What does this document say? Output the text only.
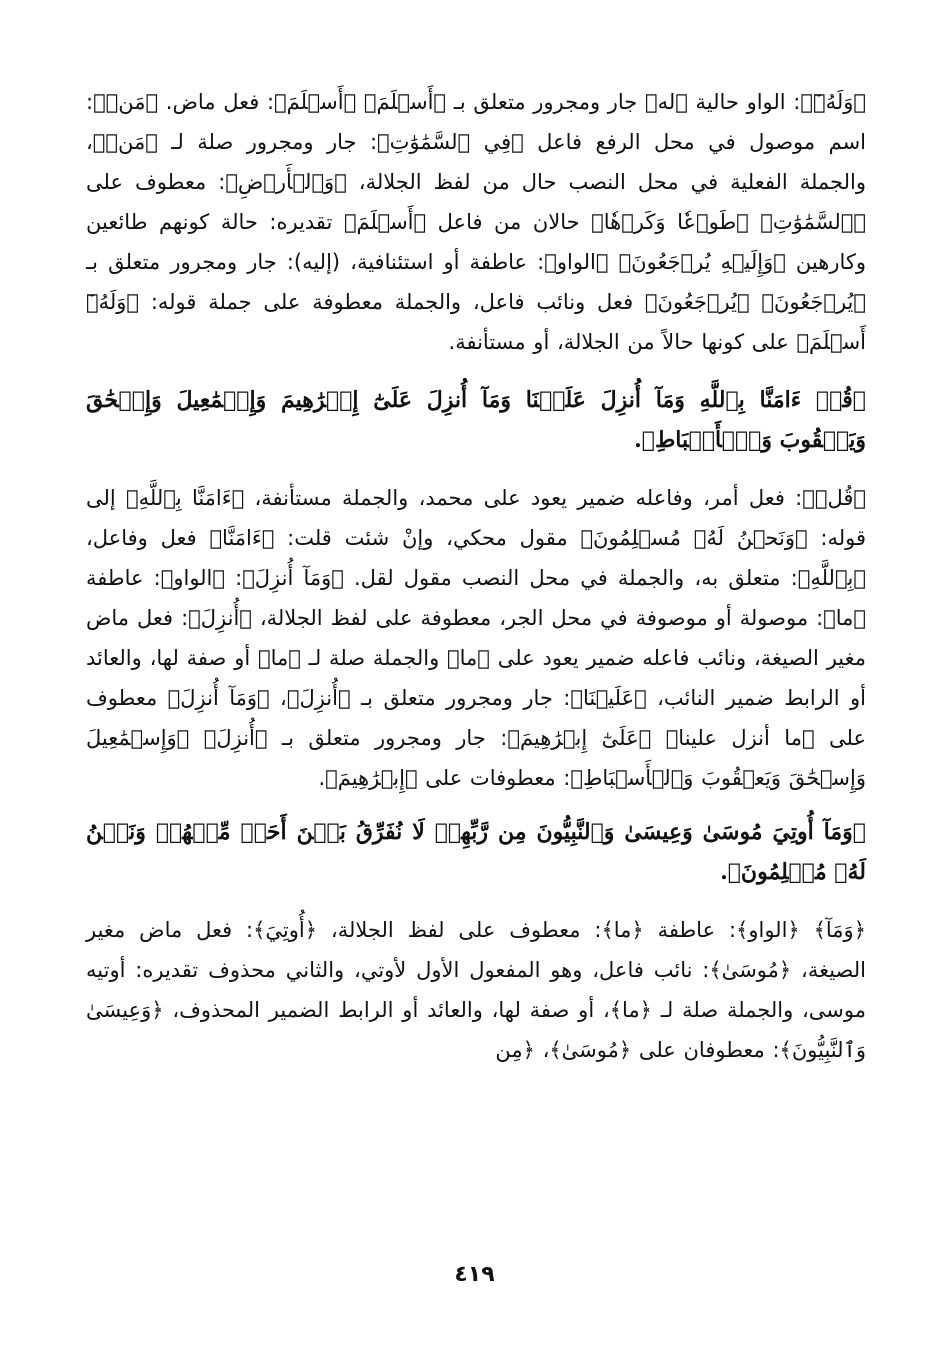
﴿وَلَهُۥٓ﴾: الواو حالية ﴿له﴾ جار ومجرور متعلق بـ ﴿أَسۡلَمَ﴾ ﴿أَسۡلَمَ﴾: فعل ماض. ﴿مَنۡ﴾: اسم موصول في محل الرفع فاعل ﴿فِي ٱلسَّمَٰوَٰتِ﴾: جار ومجرور صلة لـ ﴿مَنۡ﴾، والجملة الفعلية في محل النصب حال من لفظ الجلالة، ﴿وَٱلۡأَرۡضِ﴾: معطوف على ﴿ٱلسَّمَٰوَٰتِ﴾ ﴿طَوۡعٗا وَكَرۡهٗا﴾ حالان من فاعل ﴿أَسۡلَمَ﴾ تقديره: حالة كونهم طائعين وكارهين ﴿وَإِلَيۡهِ يُرۡجَعُونَ﴾ ﴿الواو﴾: عاطفة أو استئنافية، (إليه): جار ومجرور متعلق بـ ﴿يُرۡجَعُونَ﴾ ﴿يُرۡجَعُونَ﴾ فعل ونائب فاعل، والجملة معطوفة على جملة قوله: ﴿وَلَهُۥٓ أَسۡلَمَ﴾ على كونها حالاً من الجلالة، أو مستأنفة.

﴿قُلۡ ءَامَنَّا بِٱللَّهِ وَمَآ أُنزِلَ عَلَيۡنَا وَمَآ أُنزِلَ عَلَىٰٓ إِبۡرَٰهِيمَ وَإِسۡمَٰعِيلَ وَإِسۡحَٰقَ وَيَعۡقُوبَ وَٱلۡأَسۡبَاطِ﴾.

﴿قُلۡ﴾: فعل أمر، وفاعله ضمير يعود على محمد، والجملة مستأنفة، ﴿ءَامَنَّا بِٱللَّهِ﴾ إلى قوله: ﴿وَنَحۡنُ لَهُۥ مُسۡلِمُونَ﴾ مقول محكي، وإنْ شئت قلت: ﴿ءَامَنَّا﴾ فعل وفاعل، ﴿بِٱللَّهِ﴾: متعلق به، والجملة في محل النصب مقول لقل. ﴿وَمَآ أُنزِلَ﴾: ﴿الواو﴾: عاطفة ﴿ما﴾: موصولة أو موصوفة في محل الجر، معطوفة على لفظ الجلالة، ﴿أُنزِلَ﴾: فعل ماض مغير الصيغة، ونائب فاعله ضمير يعود على ﴿ما﴾ والجملة صلة لـ ﴿ما﴾ أو صفة لها، والعائد أو الرابط ضمير النائب، ﴿عَلَيۡنَا﴾: جار ومجرور متعلق بـ ﴿أُنزِلَ﴾، ﴿وَمَآ أُنزِلَ﴾ معطوف على ﴿ما أنزل علينا﴾ ﴿عَلَىٰٓ إِبۡرَٰهِيمَ﴾: جار ومجرور متعلق بـ ﴿أُنزِلَ﴾ ﴿وَإِسۡمَٰعِيلَ وَإِسۡحَٰقَ وَيَعۡقُوبَ وَٱلۡأَسۡبَاطِ﴾: معطوفات على ﴿إِبۡرَٰهِيمَ﴾.

﴿وَمَآ أُوتِيَ مُوسَىٰ وَعِيسَىٰ وَٱلنَّبِيُّونَ مِن رَّبِّهِمۡ لَا نُفَرِّقُ بَيۡنَ أَحَدٖ مِّنۡهُمۡ وَنَحۡنُ لَهُۥ مُسۡلِمُونَ﴾.

﴿وَمَآ﴾ ﴿الواو﴾: عاطفة ﴿ما﴾: معطوف على لفظ الجلالة، ﴿أُوتِيَ﴾: فعل ماض مغير الصيغة، ﴿مُوسَىٰ﴾: نائب فاعل، وهو المفعول الأول لأوتي، والثاني محذوف تقديره: أوتيه موسى، والجملة صلة لـ ﴿ما﴾، أو صفة لها، والعائد أو الرابط الضمير المحذوف، ﴿وَعِيسَىٰ وَٱلنَّبِيُّونَ﴾: معطوفان على ﴿مُوسَىٰ﴾، ﴿مِن

٤١٩
